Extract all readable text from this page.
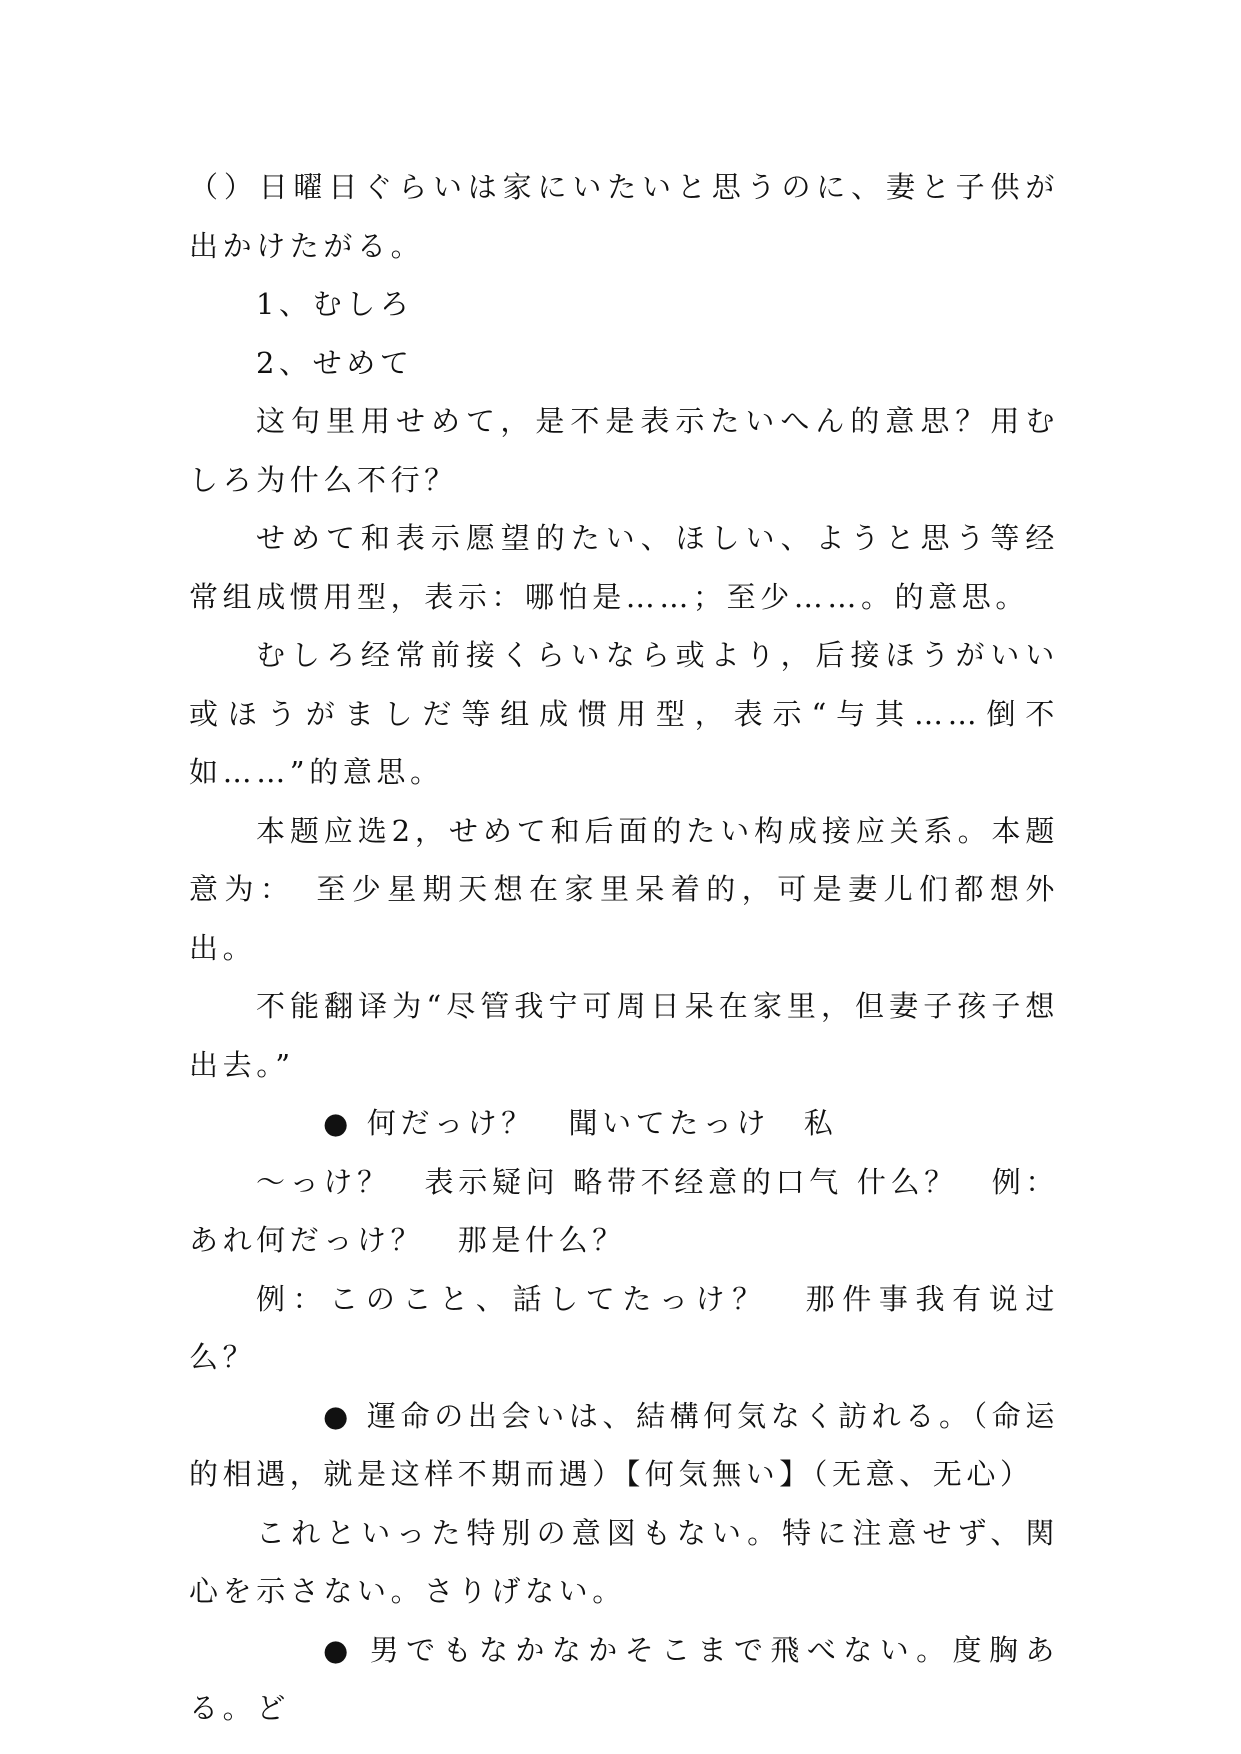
（）日曜日ぐらいは家にいたいと思うのに、妻と子供が出かけたがる。

1、むしろ

2、せめて

这句里用せめて，是不是表示たいへん的意思？用むしろ为什么不行？

せめて和表示愿望的たい、ほしい、ようと思う等经常组成惯用型，表示：哪怕是……；至少……。的意思。

むしろ经常前接くらいなら或より，后接ほうがいい或ほうがましだ等组成惯用型，表示“与其……倒不如……”的意思。

本题应选2，せめて和后面的たい构成接应关系。本题意为：　至少星期天想在家里呆着的，可是妻儿们都想外出。

不能翻译为“尽管我宁可周日呆在家里，但妻子孩子想出去。”

● 何だっけ？　聞いてたっけ　私

～っけ？　表示疑问 略带不经意的口气 什么？　例：あれ何だっけ？　那是什么？

例：このこと、話してたっけ？　那件事我有说过么？

● 運命の出会いは、結構何気なく訪れる。（命运的相遇，就是这样不期而遇）【何気無い】（无意、无心）

これといった特別の意図もない。特に注意せず、関心を示さない。さりげない。

● 男でもなかなかそこまで飛べない。度胸ある。ど
